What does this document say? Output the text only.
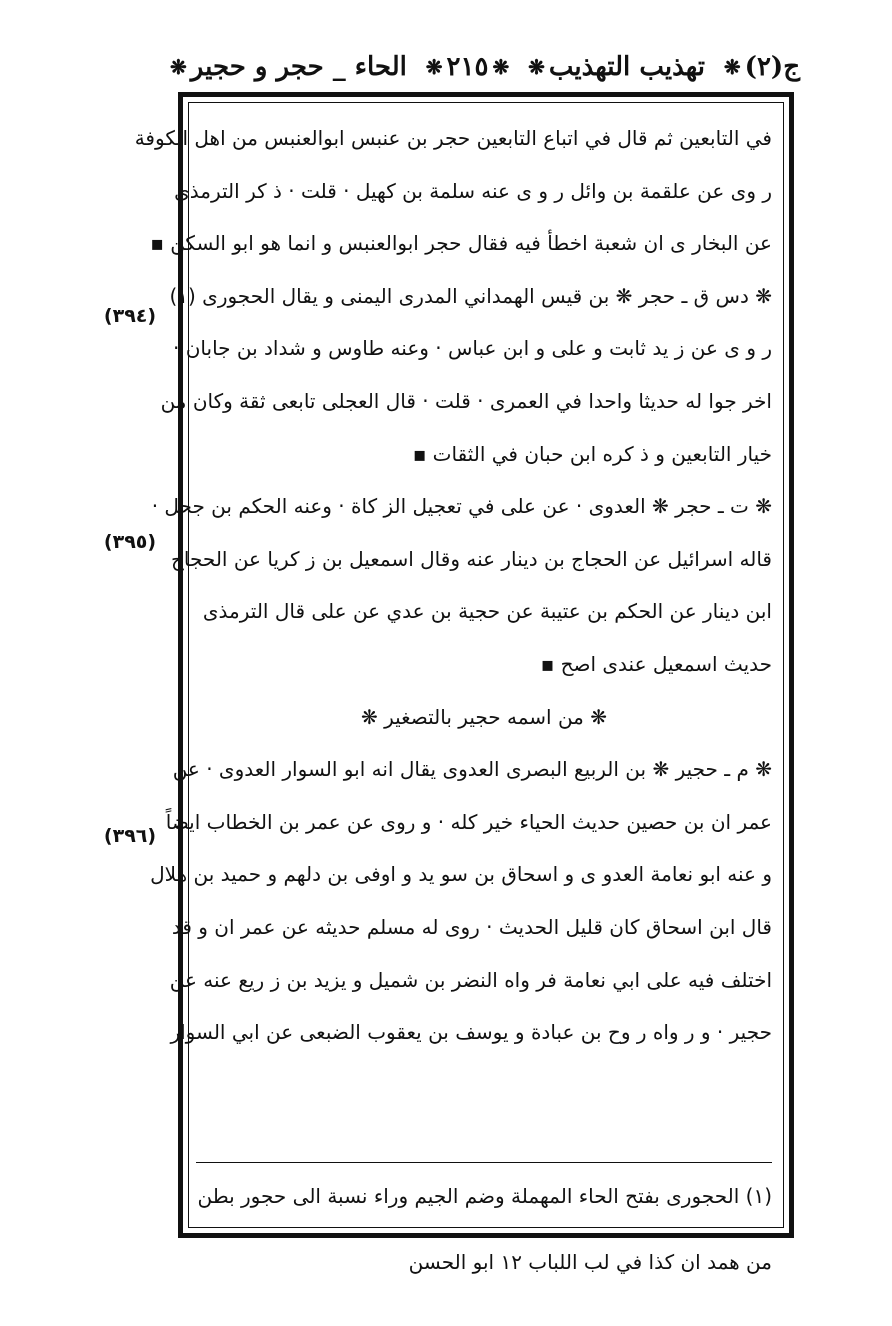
ج(٢)
❋
تهذيب التهذيب
❋
❋
٢١٥
❋
الحاء _ حجر و حجير
❋
في التابعين ثم قال في اتباع التابعين حجر بن عنبس ابوالعنبس من اهل الكوفة
ر وى عن علقمة بن وائل ر و ى عنه سلمة بن كهيل · قلت · ذ كر الترمذى
عن البخار ى ان شعبة اخطأ فيه فقال حجر ابوالعنبس و انما هو ابو السكن ▪
❋ دس ق ـ حجر ❋ بن قيس الهمداني المدرى اليمنى و يقال الحجورى (١)
ر و ى عن ز يد ثابت و على و ابن عباس · وعنه طاوس و شداد بن جابان ·
اخر جوا له حديثا واحدا في العمرى · قلت · قال العجلى تابعى ثقة وكان من
خيار التابعين و ذ كره ابن حبان في الثقات ▪
❋ ت ـ حجر ❋ العدوى · عن على في تعجيل الز كاة · وعنه الحكم بن جحل ·
قاله اسرائيل عن الحجاج بن دينار عنه وقال اسمعيل بن ز كريا عن الحجاج
ابن دينار عن الحكم بن عتيبة عن حجية بن عدي عن على قال الترمذى
حديث اسمعيل عندى اصح ▪
❋ من اسمه حجير بالتصغير ❋
❋ م ـ حجير ❋ بن الربيع البصرى العدوى يقال انه ابو السوار العدوى · عن
عمر ان بن حصين حديث الحياء خير كله · و روى عن عمر بن الخطاب ايضاً
و عنه ابو نعامة العدو ى و اسحاق بن سو يد و اوفى بن دلهم و حميد بن هلال
قال ابن اسحاق كان قليل الحديث · روى له مسلم حديثه عن عمر ان و قد
اختلف فيه على ابي نعامة فر واه النضر بن شميل و يزيد بن ز ريع عنه عن
حجير · و ر واه ر وح بن عبادة و يوسف بن يعقوب الضبعى عن ابي السوار
(٣٩٤)
(٣٩٥)
(٣٩٦)
(١) الحجورى بفتح الحاء المهملة وضم الجيم وراء نسبة الى حجور بطن
من همد ان كذا في لب اللباب ١٢ ابو الحسن
